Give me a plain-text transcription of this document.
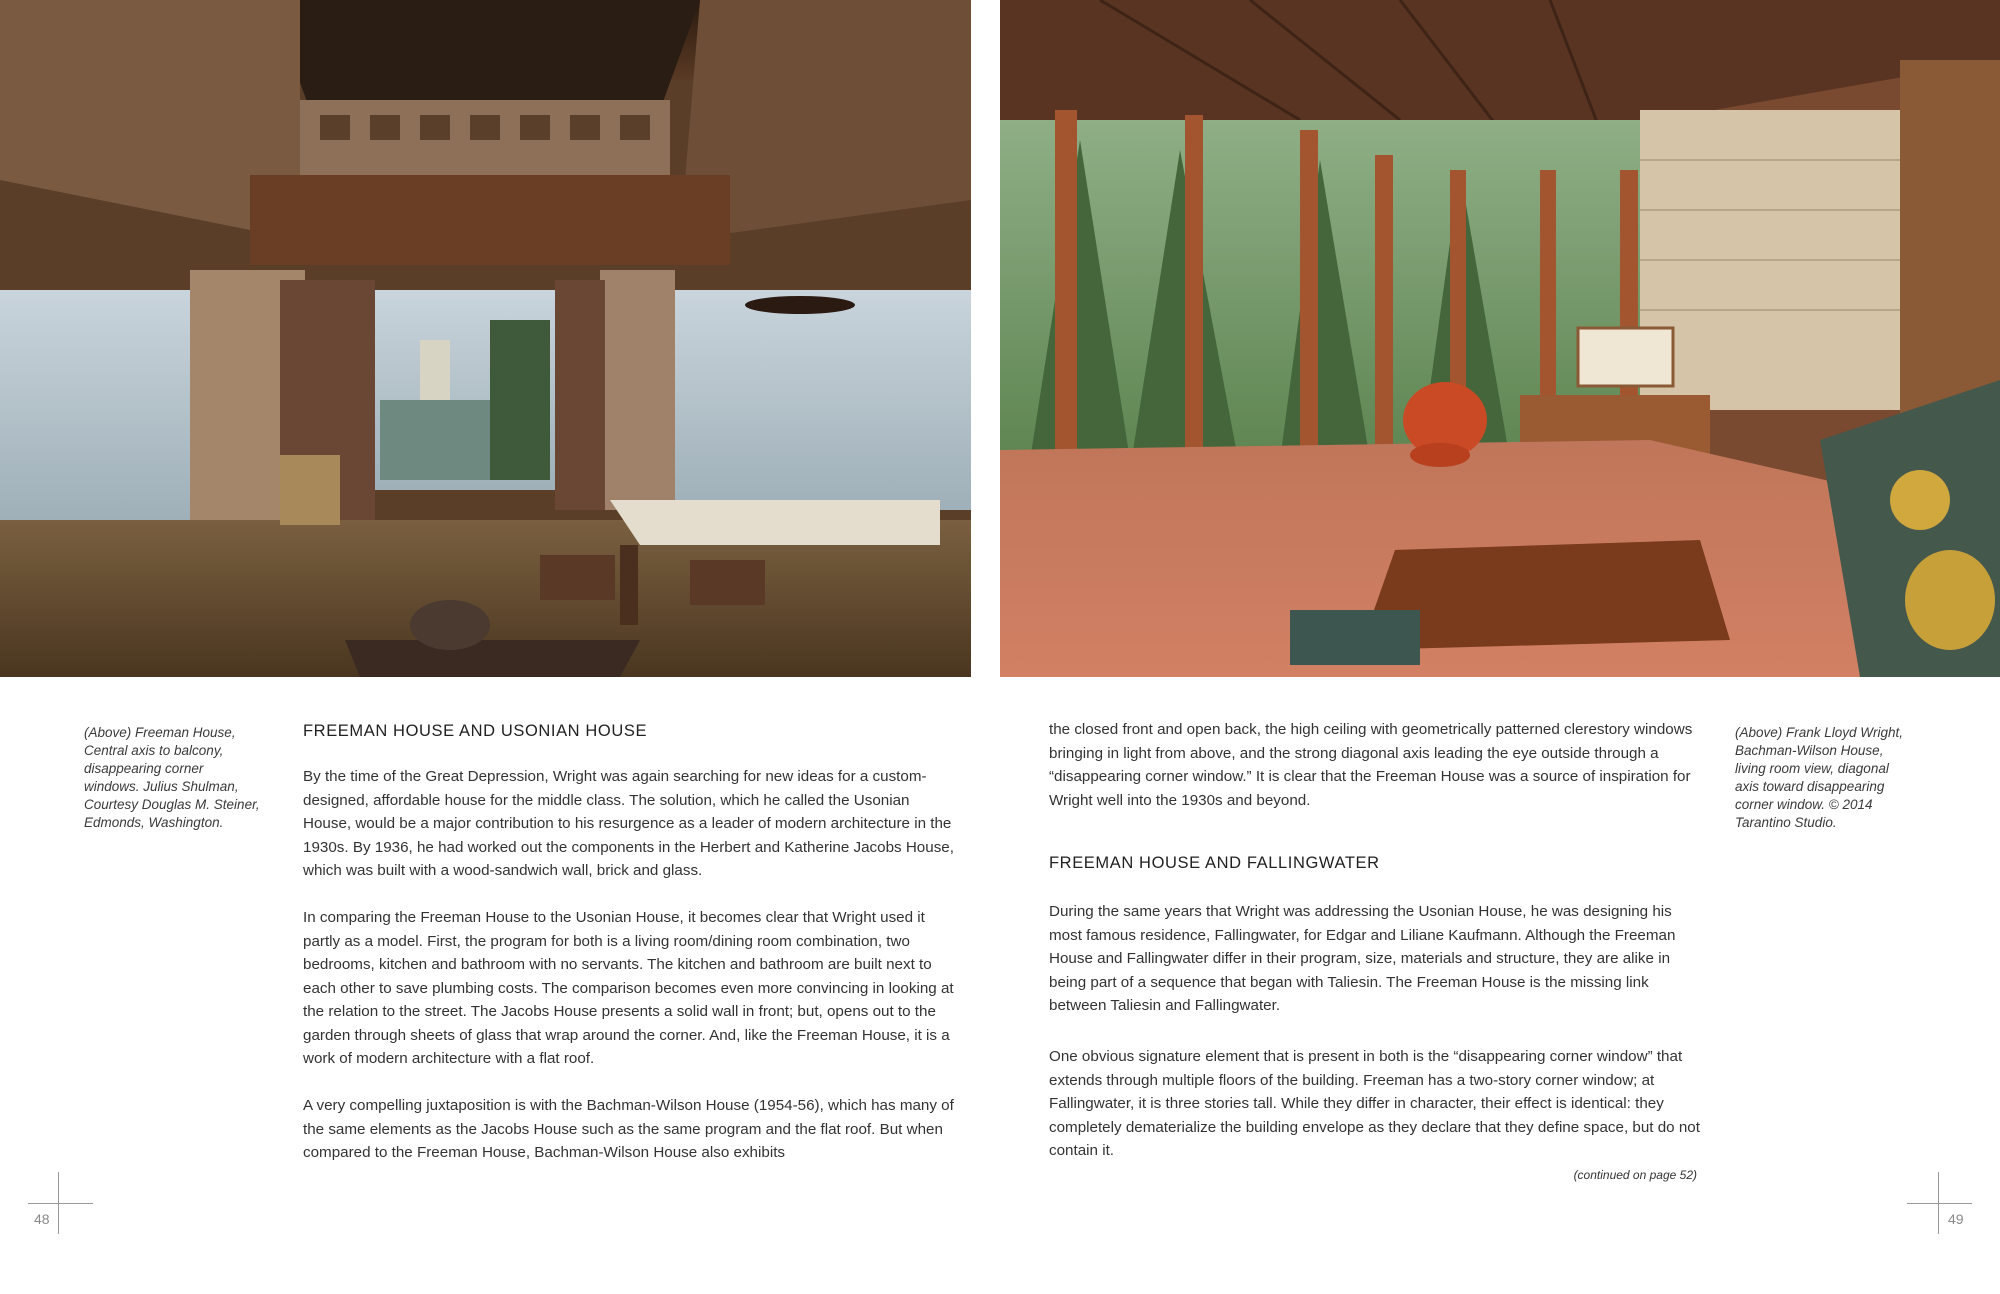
(Above) Freeman House,
Central axis to balcony,
disappearing corner
windows. Julius Shulman,
Courtesy Douglas M. Steiner,
Edmonds, Washington.

FREEMAN HOUSE AND USONIAN HOUSE

By the time of the Great Depression, Wright was again searching for new ideas for a custom-designed, affordable house for the middle class. The solution, which he called the Usonian House, would be a major contribution to his resurgence as a leader of modern architecture in the 1930s. By 1936, he had worked out the components in the Herbert and Katherine Jacobs House, which was built with a wood-sandwich wall, brick and glass.

In comparing the Freeman House to the Usonian House, it becomes clear that Wright used it partly as a model. First, the program for both is a living room/dining room combination, two bedrooms, kitchen and bathroom with no servants. The kitchen and bathroom are built next to each other to save plumbing costs. The comparison becomes even more convincing in looking at the relation to the street. The Jacobs House presents a solid wall in front; but, opens out to the garden through sheets of glass that wrap around the corner. And, like the Freeman House, it is a work of modern architecture with a flat roof.

A very compelling juxtaposition is with the Bachman-Wilson House (1954-56), which has many of the same elements as the Jacobs House such as the same program and the flat roof. But when compared to the Freeman House, Bachman-Wilson House also exhibits

the closed front and open back, the high ceiling with geometrically patterned clerestory windows bringing in light from above, and the strong diagonal axis leading the eye outside through a “disappearing corner window.” It is clear that the Freeman House was a source of inspiration for Wright well into the 1930s and beyond.

FREEMAN HOUSE AND FALLINGWATER

During the same years that Wright was addressing the Usonian House, he was designing his most famous residence, Fallingwater, for Edgar and Liliane Kaufmann. Although the Freeman House and Fallingwater differ in their program, size, materials and structure, they are alike in being part of a sequence that began with Taliesin. The Freeman House is the missing link between Taliesin and Fallingwater.

One obvious signature element that is present in both is the “disappearing corner window” that extends through multiple floors of the building. Freeman has a two-story corner window; at Fallingwater, it is three stories tall. While they differ in character, their effect is identical: they completely dematerialize the building envelope as they declare that they define space, but do not contain it.

(Above) Frank Lloyd Wright,
Bachman-Wilson House,
living room view, diagonal
axis toward disappearing
corner window. © 2014
Tarantino Studio.

(continued on page 52)
48	49
